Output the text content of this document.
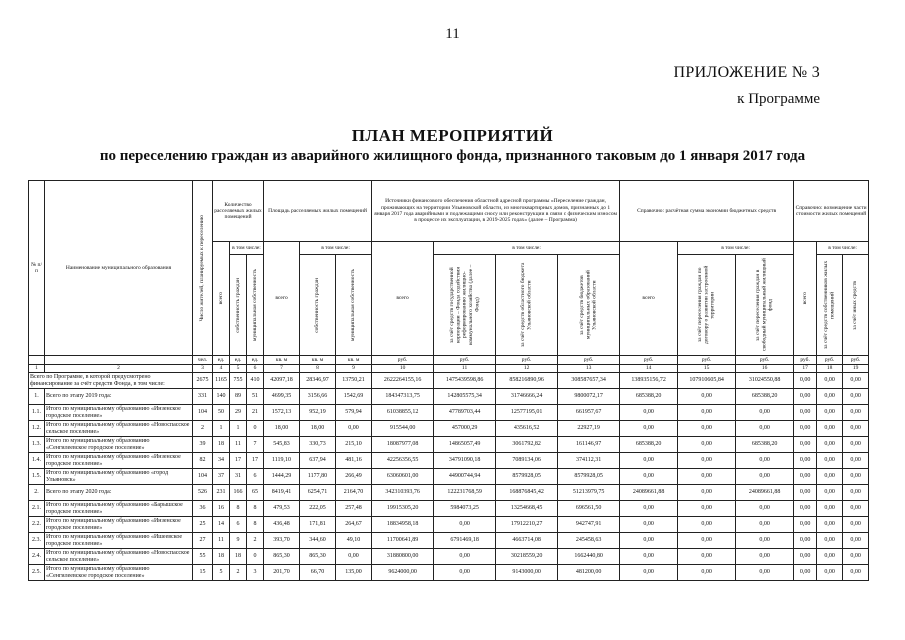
11
ПРИЛОЖЕНИЕ № 3
к Программе
ПЛАН МЕРОПРИЯТИЙ
по переселению граждан из аварийного жилищного фонда, признанного таковым до 1 января 2017 года
№ п/п	Наименование муниципального образования	Число жителей, планируемых к переселению	Количество расселяемых жилых помещений			Площадь расселяемых жилых помещений			Источники финансового обеспечения областной адресной программы «Переселение граждан, проживающих на территории Ульяновской области, из многоквартирных домов, признанных до 1 января 2017 года аварийными и подлежащими сносу или реконструкции в связи с физическим износом в процессе их эксплуатации, в 2019-2025 годах» (далее – Программа)				Справочно: расчётная сумма экономии бюджетных средств			Справочно: возмещение части стоимости жилых помещений		

			всего	в том числе:		всего	в том числе:		всего	в том числе:			всего	в том числе:		всего	в том числе:	

				собственность граждан	муниципальная собственность		собственность граждан	муниципальная собственность		за счёт средств государственной корпорации – Фонда содействия реформированию жилищно-коммунального хозяйства (далее – Фонд)	за счёт средств областного бюджета Ульяновской области	за счёт средств бюджетов муниципальных образований Ульяновской области		за счёт переселения граждан по договору о развитии застроенной территории	за счёт переселения граждан в свободный муниципальный жилищный фонд		за счёт средств собственников жилых помещений	за счёт иных средств

		чел.	ед.	ед.	ед.	кв. м	кв. м	кв. м	руб.	руб.	руб.	руб.	руб.	руб.	руб.	руб.	руб.	руб.
1	2	3	4	5	6	7	8	9	10	11	12	13	14	15	16	17	18	19
Всего по Программе, в которой предусмотрено финансирование за счёт средств Фонда, в том числе:		2675	1165	755	410	42097,18	28346,97	13750,21	2622264155,16	1475439598,86	858216890,96	308587657,34	138935156,72	107910605,84	31024550,88	0,00	0,00	0,00
1.	Всего по этапу 2019 года:	331	140	89	51	4699,35	3156,66	1542,69	184347313,75	142805575,34	31746666,24	9800072,17	685388,20	0,00	685388,20	0,00	0,00	0,00
1.1.	Итого по муниципальному образованию «Инзенское городское поселение»	104	50	29	21	1572,13	952,19	579,94	61038855,12	47789703,44	12577195,01	661957,67	0,00	0,00	0,00	0,00	0,00	0,00
1.2.	Итого по муниципальному образованию «Новоспасское сельское поселение»	2	1	1	0	18,00	18,00	0,00	915544,00	457000,29	435616,52	22927,19	0,00	0,00	0,00	0,00	0,00	0,00
1.3.	Итого по муниципальному образованию «Сенгилеевское городское поселение»	39	18	11	7	545,83	330,73	215,10	18087977,08	14865057,49	3061792,82	161146,97	685388,20	0,00	685388,20	0,00	0,00	0,00
1.4.	Итого по муниципальному образованию «Инзенское городское поселение»	82	34	17	17	1119,10	637,94	481,16	42256356,55	34791090,18	7089134,06	374112,31	0,00	0,00	0,00	0,00	0,00	0,00
1.5.	Итого по муниципальному образованию «город Ульяновск»	104	37	31	6	1444,29	1177,80	266,49	63060601,00	44900744,94	8579928,05	8579928,05	0,00	0,00	0,00	0,00	0,00	0,00
2.	Всего по этапу 2020 года:	526	231	166	65	8419,41	6254,71	2164,70	342310393,76	122231768,59	168876845,42	51213979,75	24089661,88	0,00	24089661,88	0,00	0,00	0,00
2.1.	Итого по муниципальному образованию «Барышское городское поселение»	36	16	8	8	479,53	222,05	257,48	19915305,20	5984073,25	13254668,45	696561,50	0,00	0,00	0,00	0,00	0,00	0,00
2.2.	Итого по муниципальному образованию «Инзенское городское поселение»	25	14	6	8	436,48	171,81	264,67	18834958,18	0,00	17912210,27	942747,91	0,00	0,00	0,00	0,00	0,00	0,00
2.3.	Итого по муниципальному образованию «Ишеевское городское поселение»	27	11	9	2	393,70	344,60	49,10	11700641,89	6791469,18	4663714,08	245458,63	0,00	0,00	0,00	0,00	0,00	0,00
2.4.	Итого по муниципальному образованию «Новоспасское сельское поселение»	55	18	18	0	865,30	865,30	0,00	31880800,00	0,00	30218559,20	1662440,80	0,00	0,00	0,00	0,00	0,00	0,00
2.5.	Итого по муниципальному образованию «Сенгилеевское городское поселение»	15	5	2	3	201,70	66,70	135,00	9624000,00	0,00	9143000,00	481200,00	0,00	0,00	0,00	0,00	0,00	0,00
